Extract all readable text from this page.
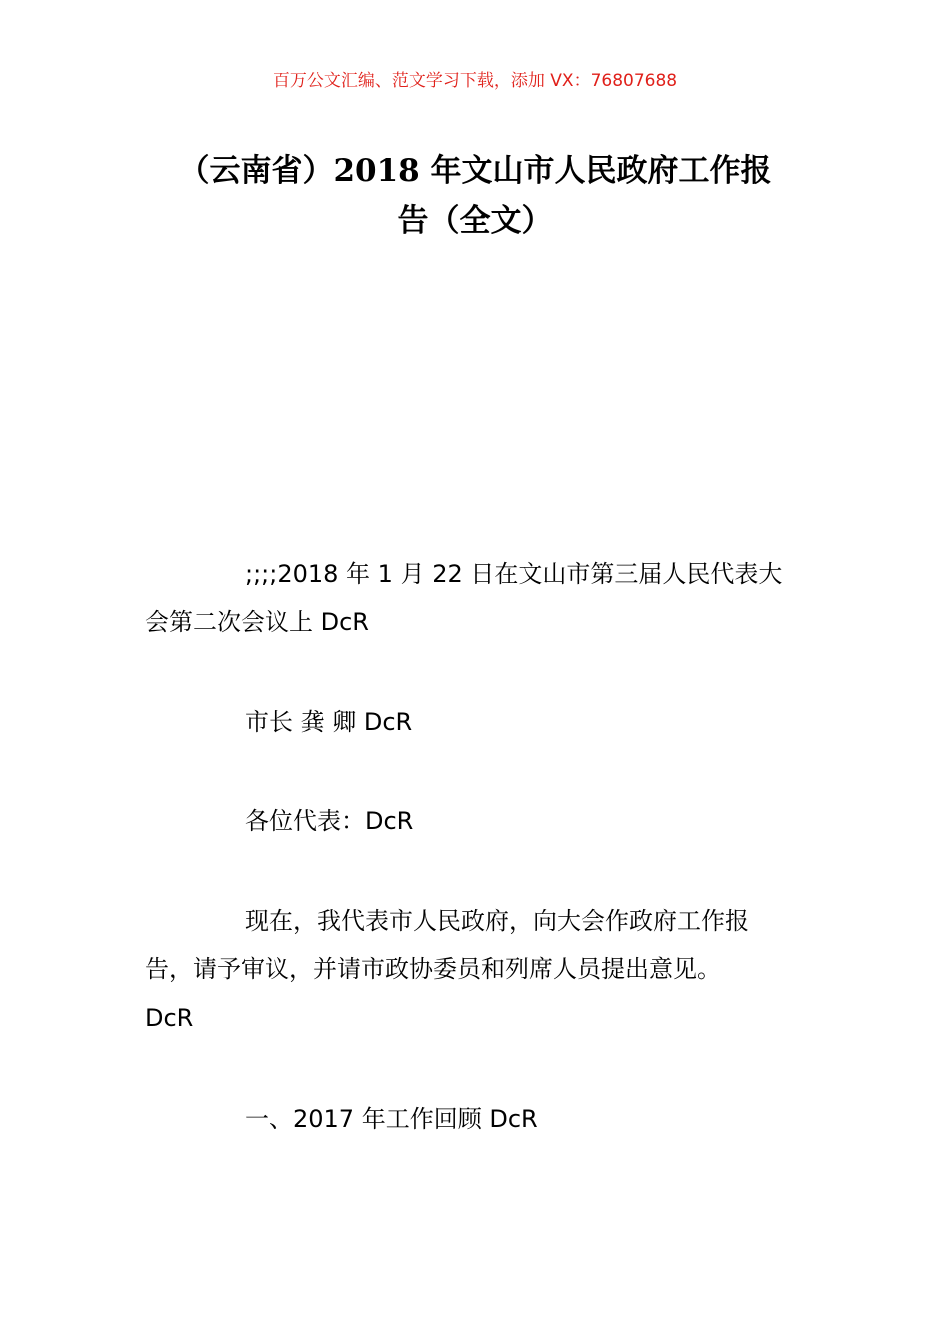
百万公文汇编、范文学习下载，添加 VX：76807688
（云南省）2018 年文山市人民政府工作报
告（全文）
;;;;2018 年 1 月 22 日在文山市第三届人民代表大
会第二次会议上 DcR
市长 龚 卿 DcR
各位代表：DcR
现在，我代表市人民政府，向大会作政府工作报
告，请予审议，并请市政协委员和列席人员提出意见。
DcR
一、2017 年工作回顾 DcR
